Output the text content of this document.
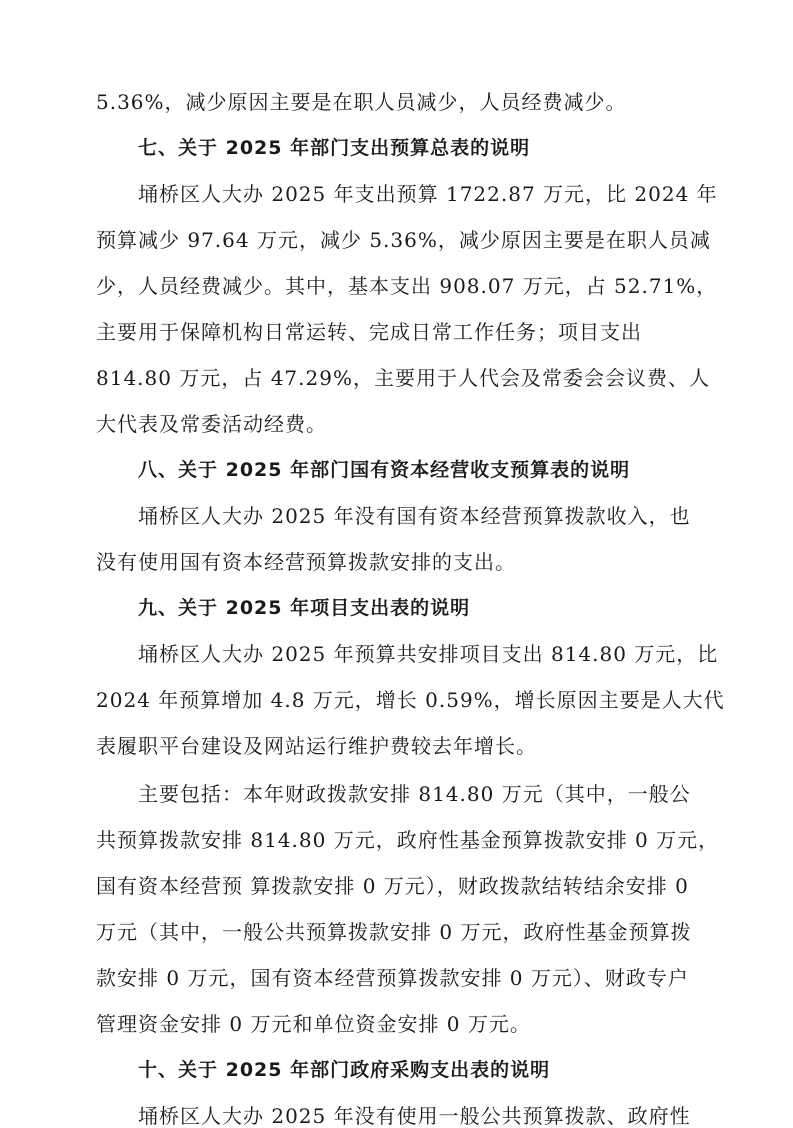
5.36%，减少原因主要是在职人员减少，人员经费减少。
七、关于 2025 年部门支出预算总表的说明
埇桥区人大办 2025 年支出预算 1722.87 万元，比 2024 年
预算减少 97.64 万元，减少 5.36%，减少原因主要是在职人员减
少，人员经费减少。其中，基本支出 908.07 万元，占 52.71%，
主要用于保障机构日常运转、完成日常工作任务；项目支出
814.80 万元，占 47.29%，主要用于人代会及常委会会议费、人
大代表及常委活动经费。
八、关于 2025 年部门国有资本经营收支预算表的说明
埇桥区人大办 2025 年没有国有资本经营预算拨款收入，也
没有使用国有资本经营预算拨款安排的支出。
九、关于 2025 年项目支出表的说明
埇桥区人大办 2025 年预算共安排项目支出 814.80 万元，比
2024 年预算增加 4.8 万元，增长 0.59%，增长原因主要是人大代
表履职平台建设及网站运行维护费较去年增长。
主要包括：本年财政拨款安排 814.80 万元（其中，一般公
共预算拨款安排 814.80 万元，政府性基金预算拨款安排 0 万元，
国有资本经营预 算拨款安排 0 万元），财政拨款结转结余安排 0
万元（其中，一般公共预算拨款安排 0 万元，政府性基金预算拨
款安排 0 万元，国有资本经营预算拨款安排 0 万元）、财政专户
管理资金安排 0 万元和单位资金安排 0 万元。
十、关于 2025 年部门政府采购支出表的说明
埇桥区人大办 2025 年没有使用一般公共预算拨款、政府性
